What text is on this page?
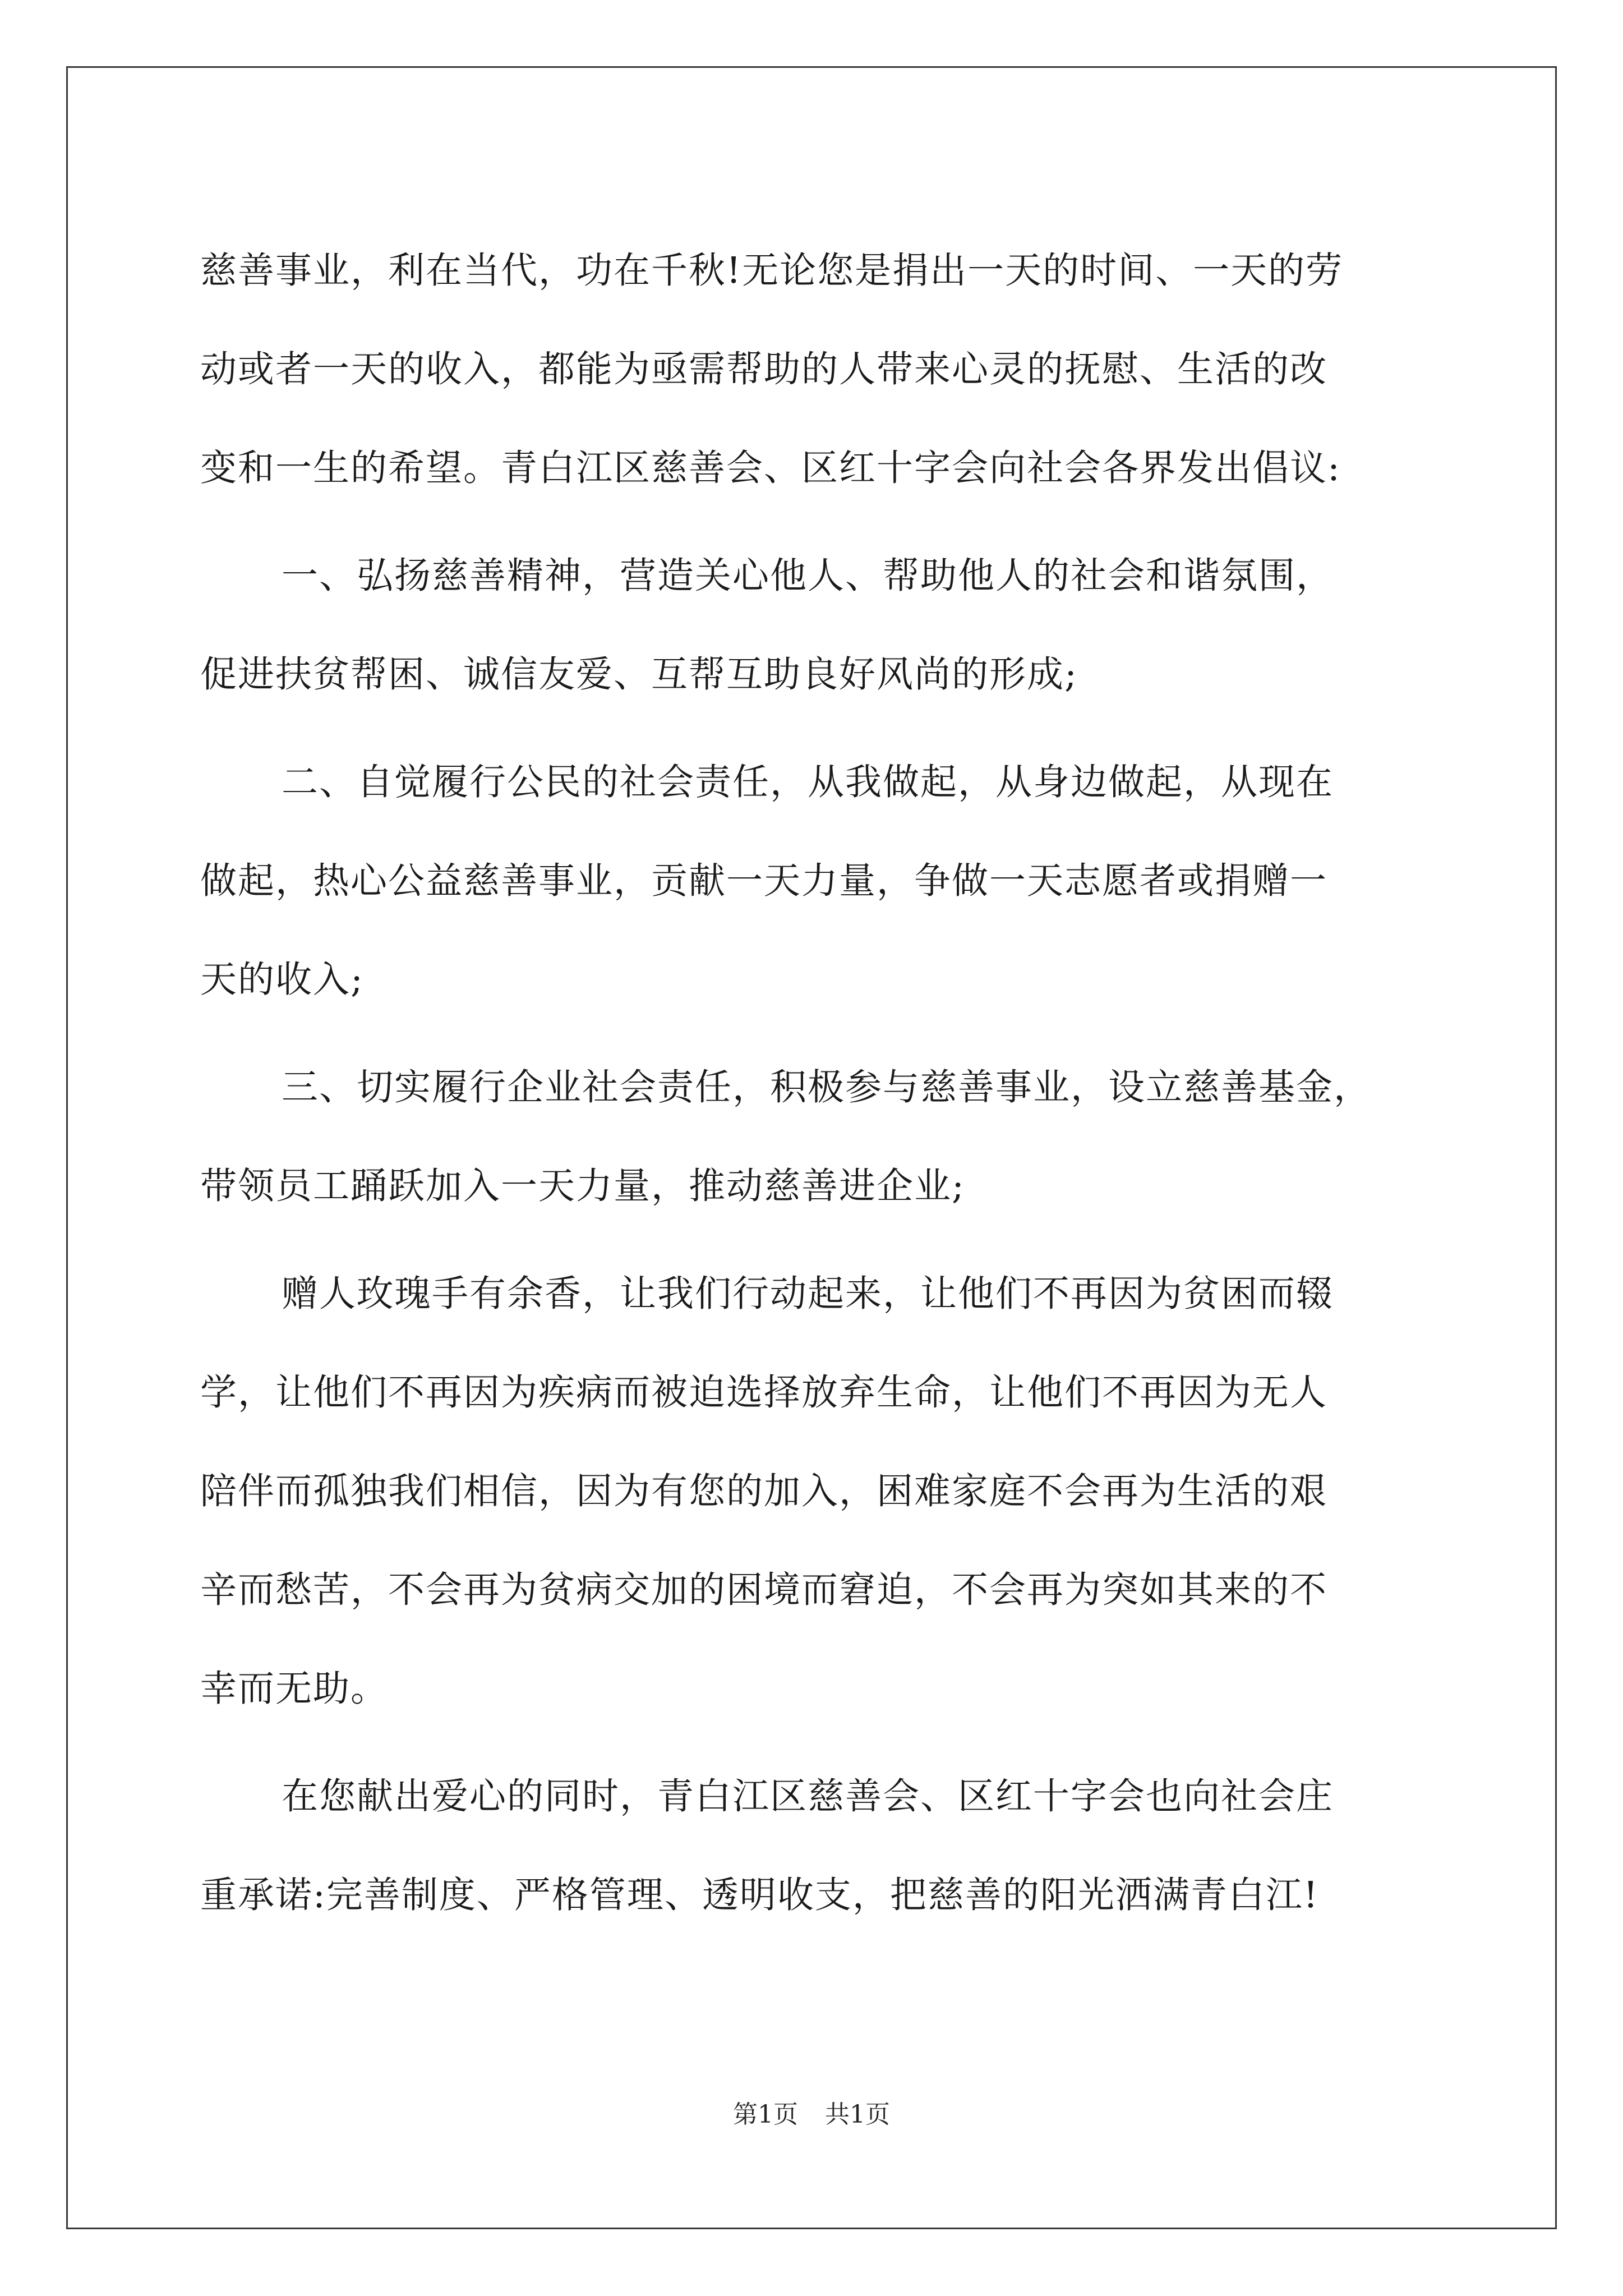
慈善事业，利在当代，功在千秋!无论您是捐出一天的时间、一天的劳
动或者一天的收入，都能为亟需帮助的人带来心灵的抚慰、生活的改
变和一生的希望。青白江区慈善会、区红十字会向社会各界发出倡议:
一、弘扬慈善精神，营造关心他人、帮助他人的社会和谐氛围，
促进扶贫帮困、诚信友爱、互帮互助良好风尚的形成;
二、自觉履行公民的社会责任，从我做起，从身边做起，从现在
做起，热心公益慈善事业，贡献一天力量，争做一天志愿者或捐赠一
天的收入;
三、切实履行企业社会责任，积极参与慈善事业，设立慈善基金，
带领员工踊跃加入一天力量，推动慈善进企业;
赠人玫瑰手有余香，让我们行动起来，让他们不再因为贫困而辍
学，让他们不再因为疾病而被迫选择放弃生命，让他们不再因为无人
陪伴而孤独我们相信，因为有您的加入，困难家庭不会再为生活的艰
辛而愁苦，不会再为贫病交加的困境而窘迫，不会再为突如其来的不
幸而无助。
在您献出爱心的同时，青白江区慈善会、区红十字会也向社会庄
重承诺:完善制度、严格管理、透明收支，把慈善的阳光洒满青白江!
第1页 共1页
